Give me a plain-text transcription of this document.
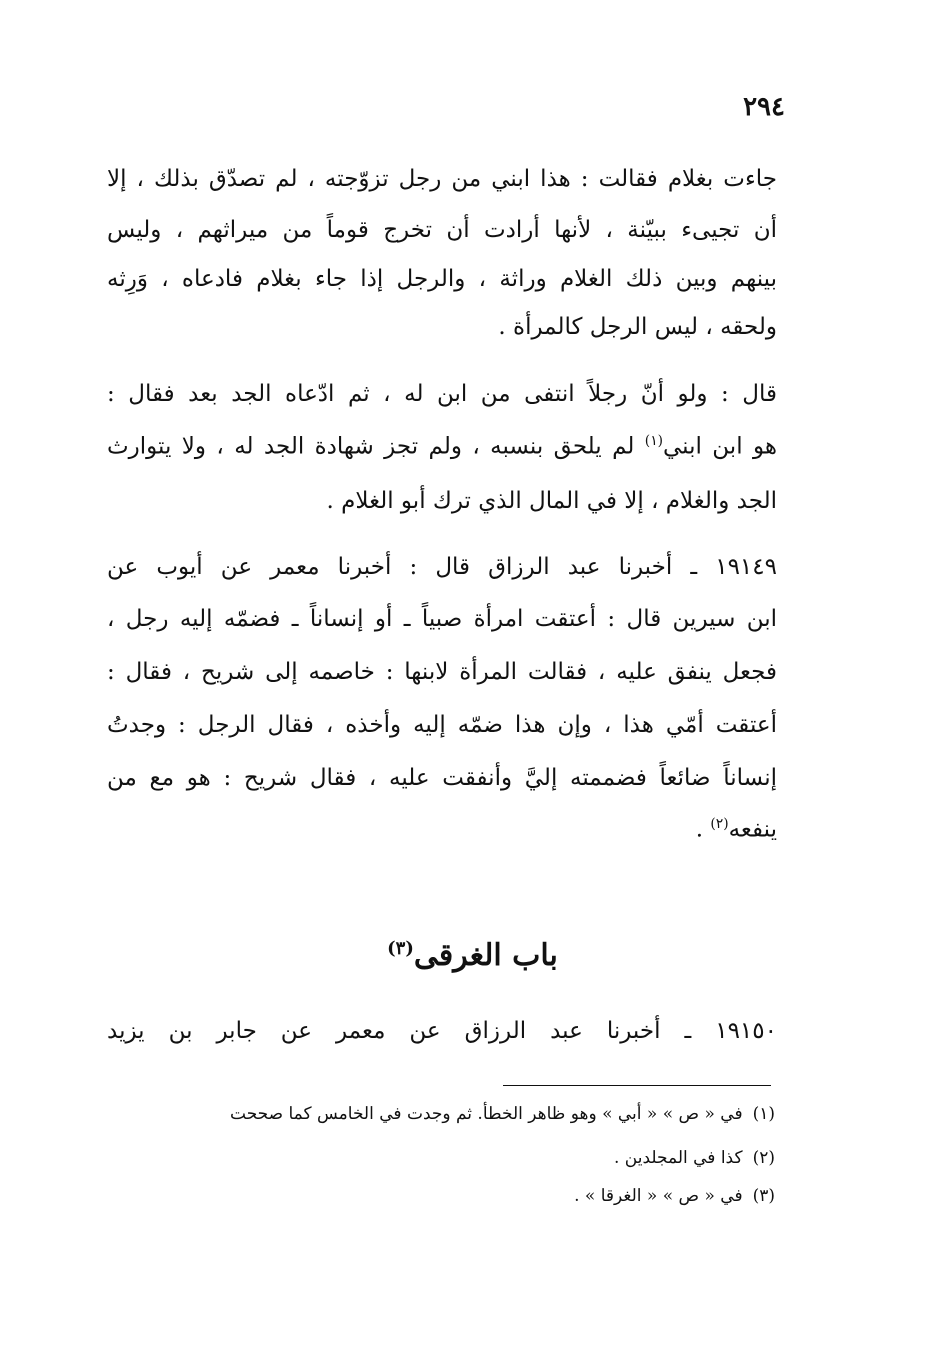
٢٩٤
جاءت بغلام فقالت : هذا ابني من رجل تزوّجته ، لم تصدّق بذلك ، إلا
أن تجيىء ببيّنة ، لأنها أرادت أن تخرج قوماً من ميراثهم ، وليس
بينهم وبين ذلك الغلام وراثة ، والرجل إذا جاء بغلام فادعاه ، وَرِثه
ولحقه ، ليس الرجل كالمرأة .
قال : ولو أنّ رجلاً انتفى من ابن له ، ثم ادّعاه الجد بعد فقال :
هو ابن ابني$^{(١)}$ لم يلحق بنسبه ، ولم تجز شهادة الجد له ، ولا يتوارث
الجد والغلام ، إلا في المال الذي ترك أبو الغلام .
١٩١٤٩ ـ أخبرنا عبد الرزاق قال : أخبرنا معمر عن أيوب عن
ابن سيرين قال : أعتقت امرأة صبياً ـ أو إنساناً ـ فضمّه إليه رجل ،
فجعل ينفق عليه ، فقالت المرأة لابنها : خاصمه إلى شريح ، فقال :
أعتقت أمّي هذا ، وإن هذا ضمّه إليه وأخذه ، فقال الرجل : وجدتُ
إنساناً ضائعاً فضممته إليَّ وأنفقت عليه ، فقال شريح : هو مع من
ينفعه$^{(٢)}$ .
باب الغرقى$^{(٣)}$
١٩١٥٠ ـ أخبرنا عبد الرزاق عن معمر عن جابر بن يزيد
(١)في « ص » « أبي » وهو ظاهر الخطأ. ثم وجدت في الخامس كما صححت
(٢)كذا في المجلدين .
(٣)في « ص » « الغرقا » .
